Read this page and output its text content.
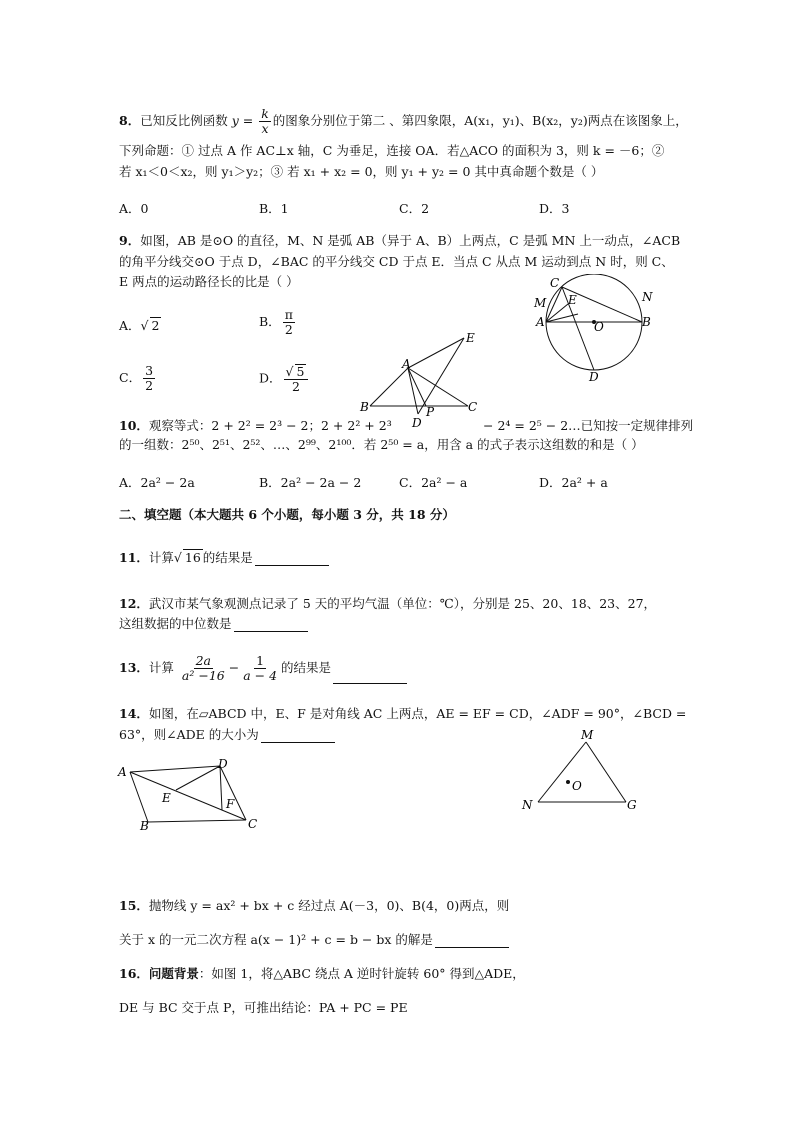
8．已知反比例函数 $y = \frac{k}{x}$ 的图象分别位于第二 、第四象限，A(x₁，y₁)、B(x₂，y₂)两点在该图象上，
下列命题：① 过点 A 作 AC⊥x 轴，C 为垂足，连接 OA．若△ACO 的面积为 3，则 k = －6；②
若 x₁＜0＜x₂，则 y₁＞y₂；③ 若 x₁ + x₂ = 0，则 y₁ + y₂ = 0 其中真命题个数是（ ）
A．0	B．1	C．2	D．3
9．如图，AB 是⊙O 的直径，M、N 是弧 AB（异于 A、B）上两点，C 是弧 MN 上一动点，∠ACB
的角平分线交⊙O 于点 D，∠BAC 的平分线交 CD 于点 E．当点 C 从点 M 运动到点 N 时，则 C、
E 两点的运动路径长的比是（ ）
A．√ 2	B． $\frac{\pi}{2}$
C． $\frac{3}{2}$	D． $\frac{√ 5}{2}$
C
M E	N
A	O	B
D
A
E
B
D
P	C
10．观察等式：2 + 2² = 2³ − 2；2 + 2² + 2³	− 2⁴ = 2⁵ − 2…已知按一定规律排列
的一组数：2⁵⁰、2⁵¹、2⁵²、…、2⁹⁹、2¹⁰⁰．若 2⁵⁰ = a，用含 a 的式子表示这组数的和是（ ）
A．2a² − 2a	B．2a² − 2a − 2	C．2a² − a	D．2a² + a
二、填空题（本大题共 6 个小题，每小题 3 分，共 18 分）
11．计算√ 16 的结果是
12．武汉市某气象观测点记录了 5 天的平均气温（单位：℃），分别是 25、20、18、23、27，
这组数据的中位数是
13．计算 $\frac{2a}{\text{a² −16}} - \frac{1}{a - 4}$ 的结果是
14．如图，在▱ABCD 中，E、F 是对角线 AC 上两点，AE = EF = CD，∠ADF = 90°，∠BCD =
63°，则∠ADE 的大小为
A
D
E	F
B	C
M
O
N	G
15．抛物线 y = ax² + bx + c 经过点 A(－3，0)、B(4，0)两点，则
关于 x 的一元二次方程 a(x − 1)² + c = b − bx 的解是
16．问题背景：如图 1，将△ABC 绕点 A 逆时针旋转 60° 得到△ADE，
DE 与 BC 交于点 P，可推出结论：PA + PC = PE
